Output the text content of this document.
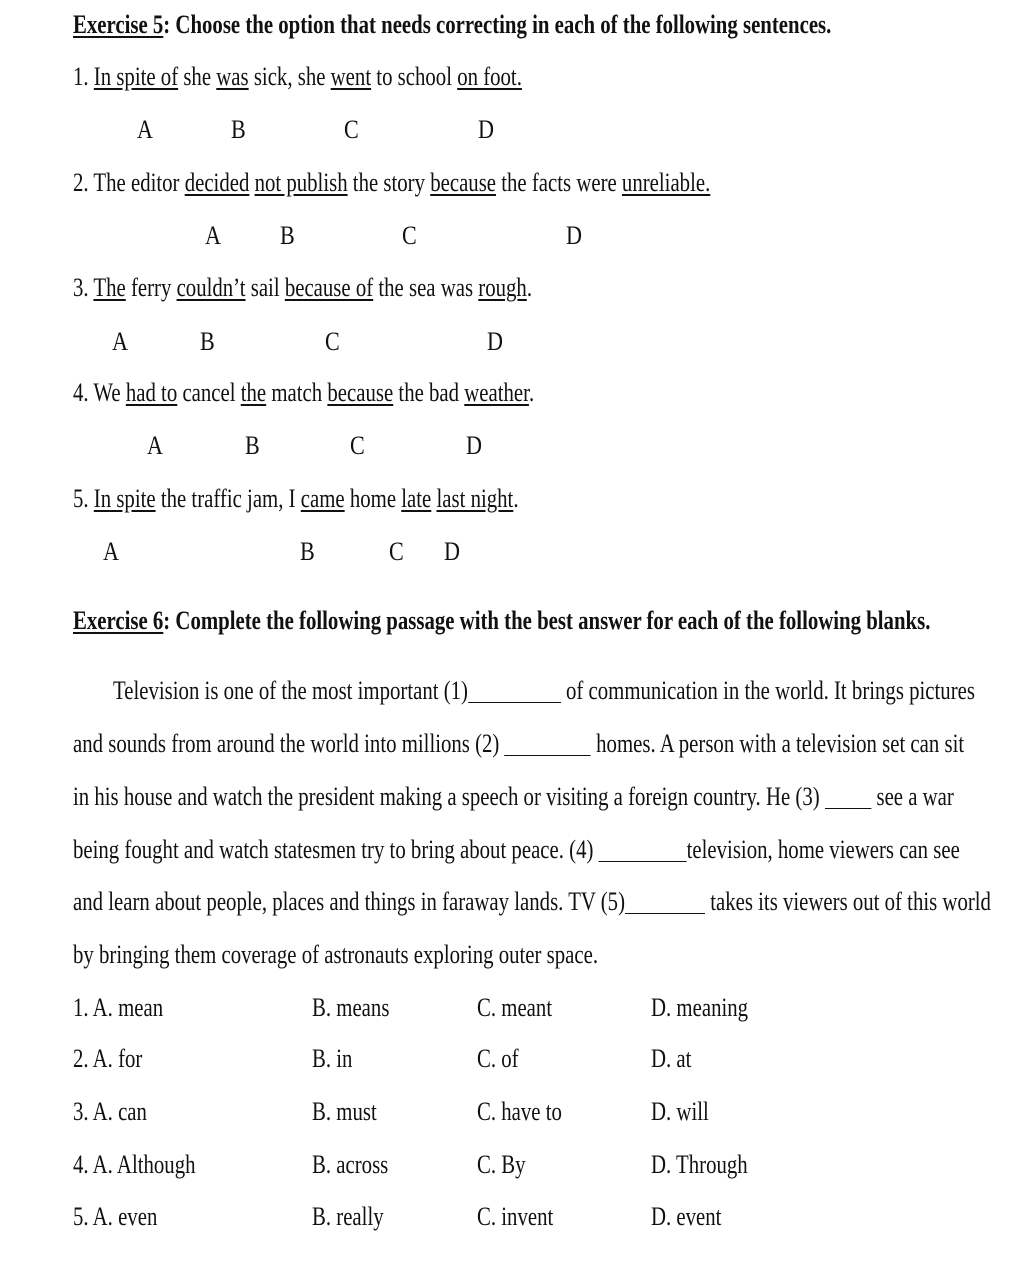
Exercise 5: Choose the option that needs correcting in each of the following sentences.
1. In spite of she was sick, she went to school on foot.
A	B	C	D
2. The editor decided not publish the story because the facts were unreliable.
A B	C	D
3. The ferry couldn’t sail because of the sea was rough.
A	B	C	D
4. We had to cancel the match because the bad weather.
A	B	C	D
5. In spite the traffic jam, I came home late last night.
A	B	C D
Exercise 6: Complete the following passage with the best answer for each of the following blanks.
Television is one of the most important (1)	of communication in the world. It brings pictures
and sounds from around the world into millions (2)	homes. A person with a television set can sit
in his house and watch the president making a speech or visiting a foreign country. He (3) see a war
being fought and watch statesmen try to bring about peace. (4)	television, home viewers can see
and learn about people, places and things in faraway lands. TV (5)	takes its viewers out of this world
by bringing them coverage of astronauts exploring outer space.
1. A. mean	B. means	C. meant	D. meaning
2. A. for	B. in	C. of	D. at
3. A. can	B. must	C. have to	D. will
4. A. Although	B. across	C. By	D. Through
5. A. even	B. really	C. invent	D. event
